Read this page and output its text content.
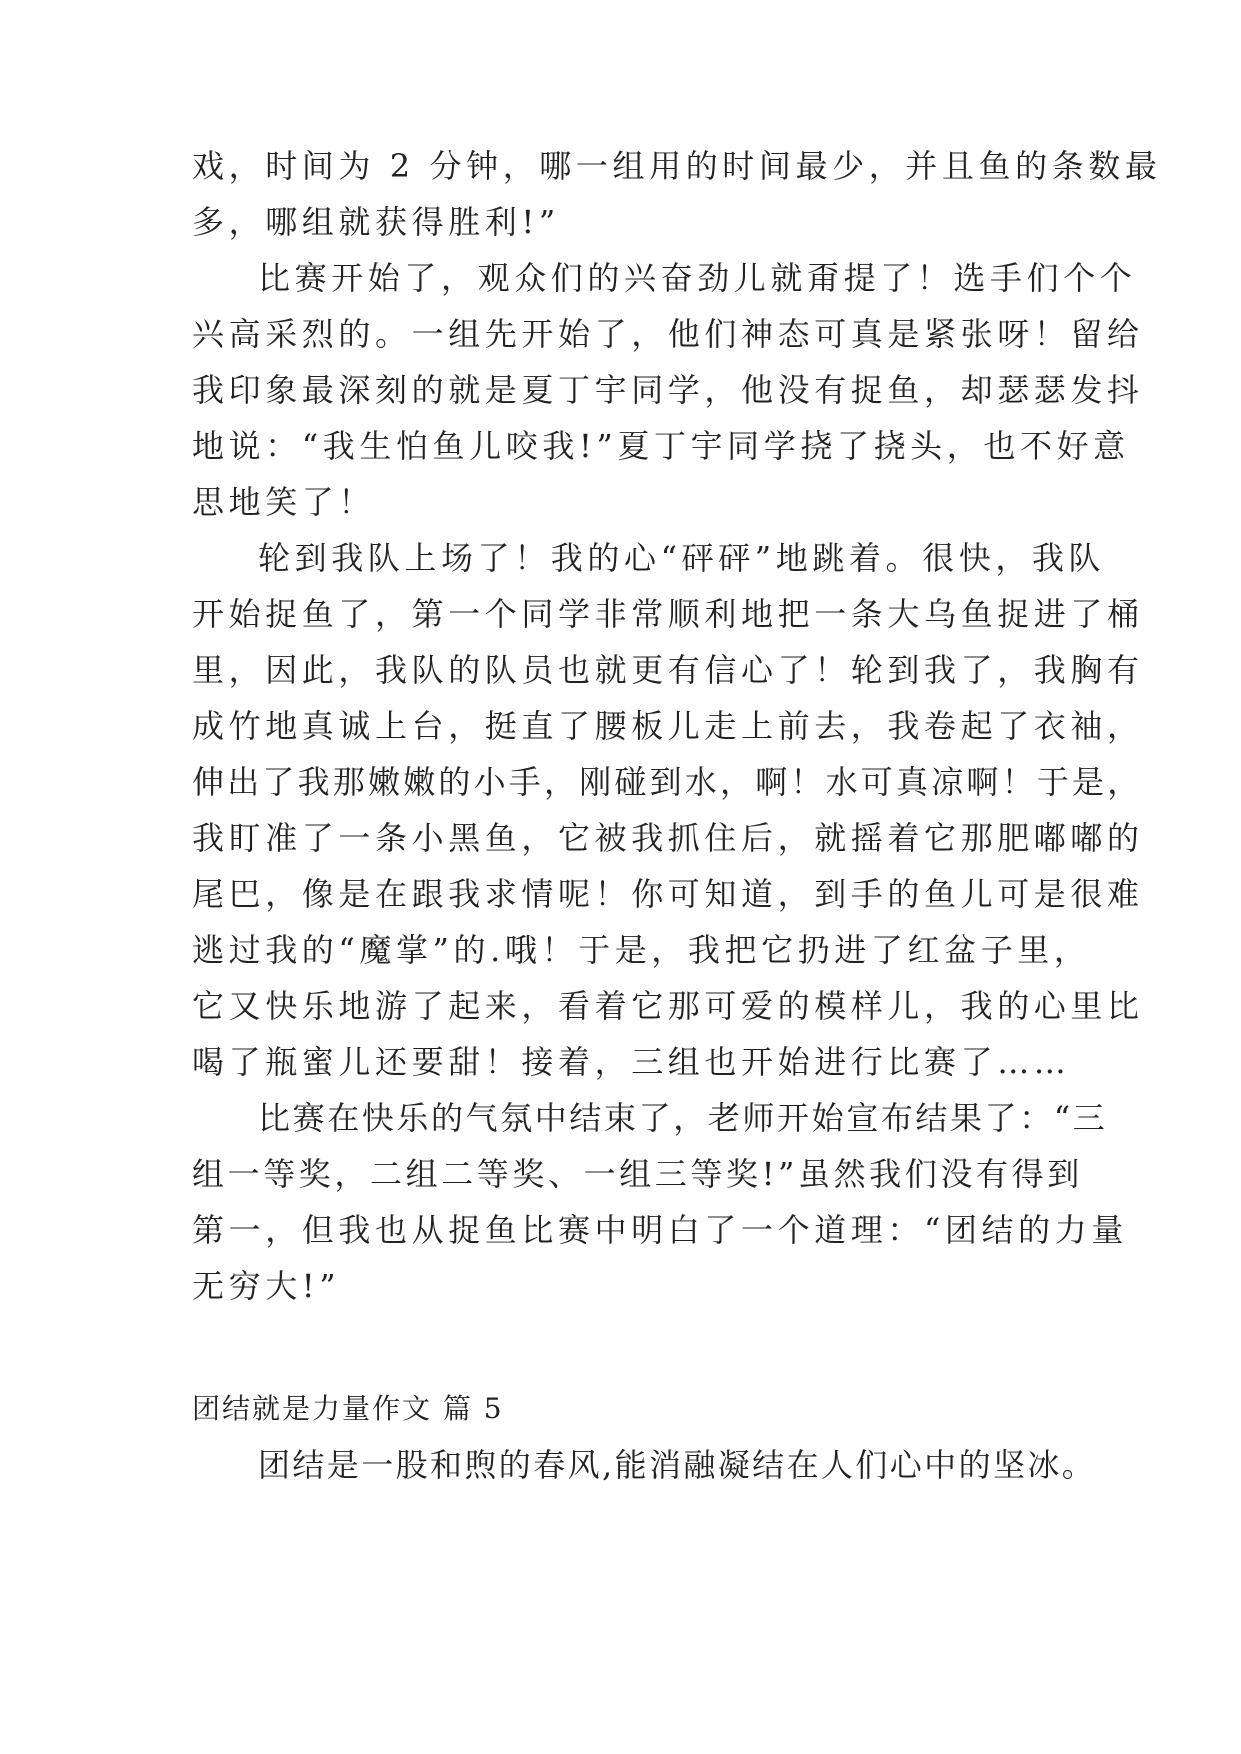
戏，时间为 2 分钟，哪一组用的时间最少，并且鱼的条数最
多，哪组就获得胜利!”
比赛开始了，观众们的兴奋劲儿就甭提了！选手们个个
兴高采烈的。一组先开始了，他们神态可真是紧张呀！留给
我印象最深刻的就是夏丁宇同学，他没有捉鱼，却瑟瑟发抖
地说：“我生怕鱼儿咬我!”夏丁宇同学挠了挠头，也不好意
思地笑了！
轮到我队上场了！我的心“砰砰”地跳着。很快，我队
开始捉鱼了，第一个同学非常顺利地把一条大乌鱼捉进了桶
里，因此，我队的队员也就更有信心了！轮到我了，我胸有
成竹地真诚上台，挺直了腰板儿走上前去，我卷起了衣袖，
伸出了我那嫩嫩的小手，刚碰到水，啊！水可真凉啊！于是，
我盯准了一条小黑鱼，它被我抓住后，就摇着它那肥嘟嘟的
尾巴，像是在跟我求情呢！你可知道，到手的鱼儿可是很难
逃过我的“魔掌”的.哦！于是，我把它扔进了红盆子里，
它又快乐地游了起来，看着它那可爱的模样儿，我的心里比
喝了瓶蜜儿还要甜！接着，三组也开始进行比赛了……
比赛在快乐的气氛中结束了，老师开始宣布结果了：“三
组一等奖，二组二等奖、一组三等奖!”虽然我们没有得到
第一，但我也从捉鱼比赛中明白了一个道理：“团结的力量
无穷大!”
团结就是力量作文 篇 5
团结是一股和煦的春风,能消融凝结在人们心中的坚冰。
